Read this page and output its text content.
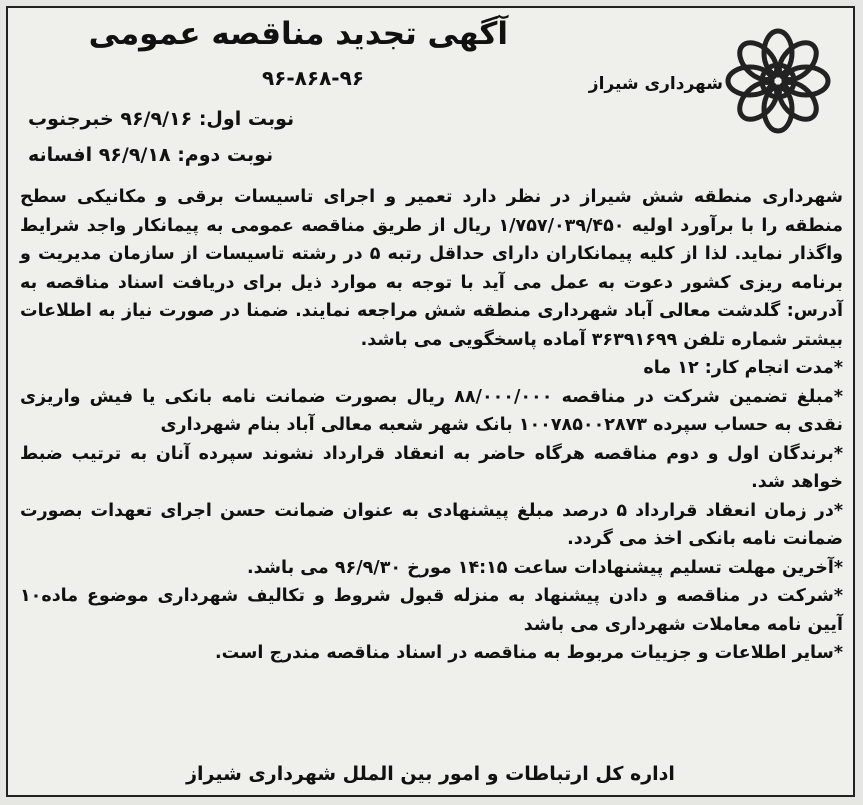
شهرداری شیراز
آگهی تجدید مناقصه عمومی
۹۶-۸۶۸-۹۶
نوبت اول: ۹۶/۹/۱۶ خبرجنوب
نوبت دوم: ۹۶/۹/۱۸ افسانه

شهرداری منطقه شش شیراز در نظر دارد تعمیر و اجرای تاسیسات برقی و مکانیکی سطح منطقه را با برآورد اولیه ۱/۷۵۷/۰۳۹/۴۵۰ ریال از طریق مناقصه عمومی به پیمانکار واجد شرایط واگذار نماید. لذا از کلیه پیمانکاران دارای حداقل رتبه ۵ در رشته تاسیسات از سازمان مدیریت و برنامه ریزی کشور دعوت به عمل می آید با توجه به موارد ذیل برای دریافت اسناد مناقصه به آدرس: گلدشت معالی آباد شهرداری منطقه شش مراجعه نمایند. ضمنا در صورت نیاز به اطلاعات بیشتر شماره تلفن ۳۶۳۹۱۶۹۹ آماده پاسخگویی می باشد.

*مدت انجام کار: ۱۲ ماه

*مبلغ تضمین شرکت در مناقصه ۸۸/۰۰۰/۰۰۰ ریال بصورت ضمانت نامه بانکی یا فیش واریزی نقدی به حساب سپرده ۱۰۰۷۸۵۰۰۲۸۷۳ بانک شهر شعبه معالی آباد بنام شهرداری

*برندگان اول و دوم مناقصه هرگاه حاضر به انعقاد قرارداد نشوند سپرده آنان به ترتیب ضبط خواهد شد.

*در زمان انعقاد قرارداد ۵ درصد مبلغ پیشنهادی به عنوان ضمانت حسن اجرای تعهدات بصورت ضمانت نامه بانکی اخذ می گردد.

*آخرین مهلت تسلیم پیشنهادات ساعت ۱۴:۱۵ مورخ ۹۶/۹/۳۰ می باشد.

*شرکت در مناقصه و دادن پیشنهاد به منزله قبول شروط و تکالیف شهرداری موضوع ماده۱۰ آیین نامه معاملات شهرداری می باشد

*سایر اطلاعات و جزییات مربوط به مناقصه در اسناد مناقصه مندرج است.

اداره کل ارتباطات و امور بین الملل شهرداری شیراز
